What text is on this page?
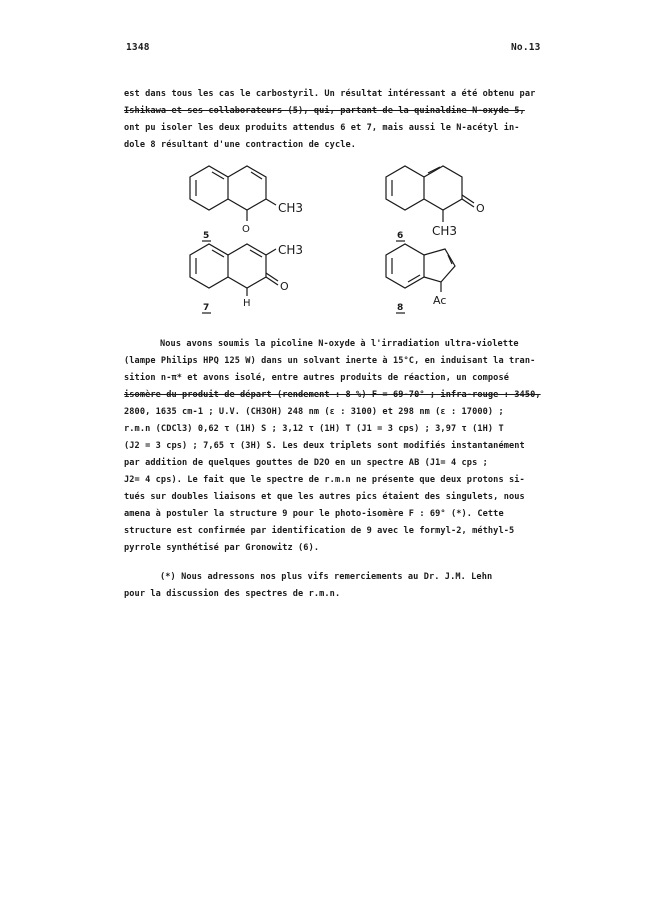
1348	No.13
est dans tous les cas le carbostyril. Un résultat intéressant a été obtenu par
Ishikawa et ses collaborateurs (5), qui, partant de la quinaldine N-oxyde 5,
ont pu isoler les deux produits attendus 6 et 7, mais aussi le N-acétyl in-
dole 8 résultant d'une contraction de cycle.
CH3
O
5
O
CH3
6
CH3
O
H
7
Ac
8
Nous avons soumis la picoline N-oxyde à l'irradiation ultra-violette
(lampe Philips HPQ 125 W) dans un solvant inerte à 15°C, en induisant la tran-
sition n-π* et avons isolé, entre autres produits de réaction, un composé
isomère du produit de départ (rendement : 8 %) F = 69-70° ; infra-rouge : 3450,
2800, 1635 cm-1 ; U.V. (CH3OH) 248 nm (ε : 3100) et 298 nm (ε : 17000) ;
r.m.n (CDCl3) 0,62 τ (1H) S ; 3,12 τ (1H) T (J1 = 3 cps) ; 3,97 τ (1H) T
(J2 = 3 cps) ; 7,65 τ (3H) S. Les deux triplets sont modifiés instantanément
par addition de quelques gouttes de D2O en un spectre AB (J1= 4 cps ;
J2= 4 cps). Le fait que le spectre de r.m.n ne présente que deux protons si-
tués sur doubles liaisons et que les autres pics étaient des singulets, nous
amena à postuler la structure 9 pour le photo-isomère F : 69° (*). Cette
structure est confirmée par identification de 9 avec le formyl-2, méthyl-5
pyrrole synthétisé par Gronowitz (6).
(*) Nous adressons nos plus vifs remerciements au Dr. J.M. Lehn
pour la discussion des spectres de r.m.n.
